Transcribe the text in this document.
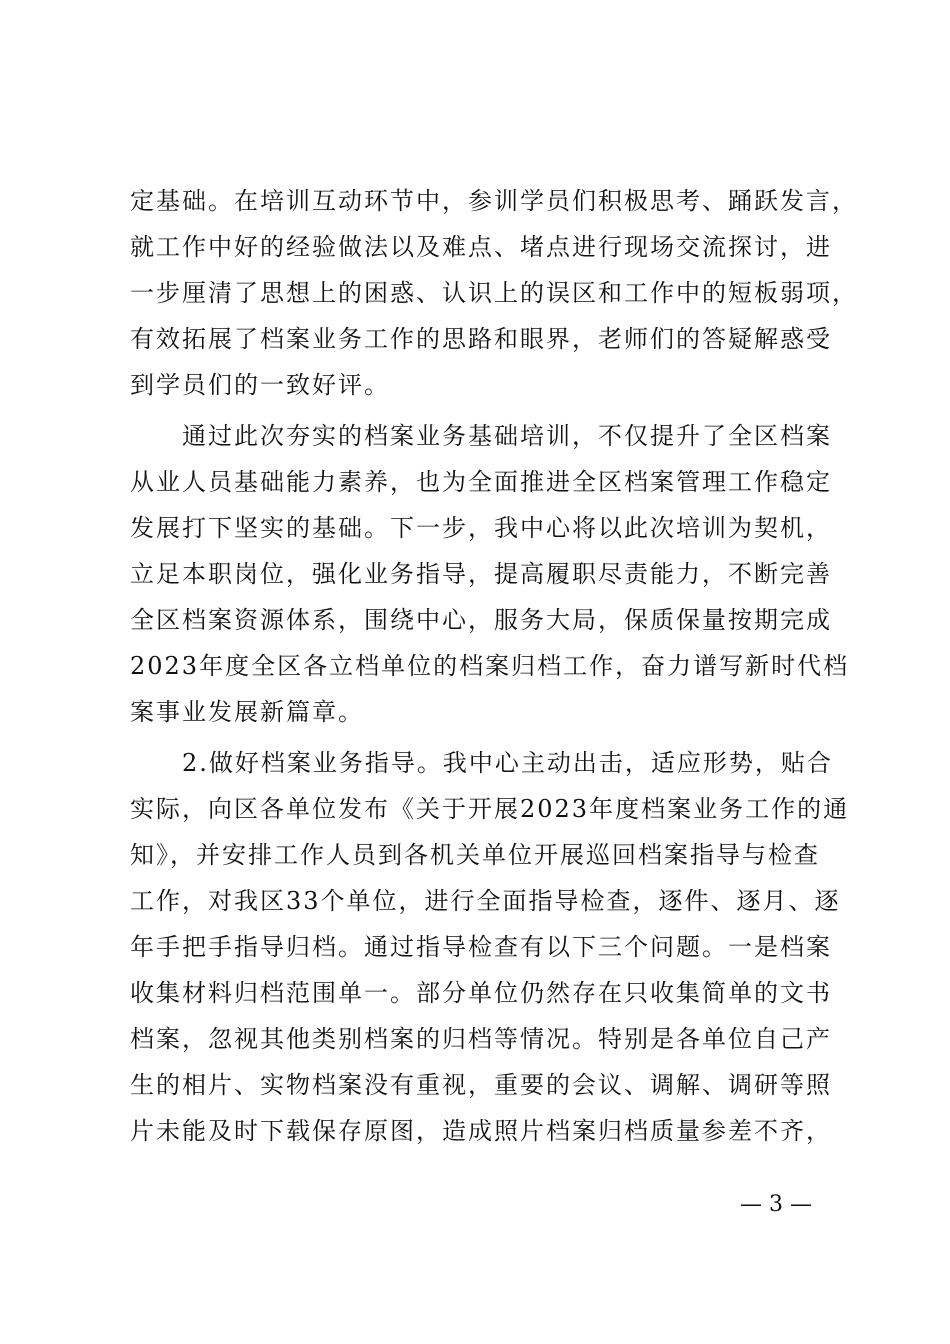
定基础。在培训互动环节中，参训学员们积极思考、踊跃发言，
就工作中好的经验做法以及难点、堵点进行现场交流探讨，进
一步厘清了思想上的困惑、认识上的误区和工作中的短板弱项，
有效拓展了档案业务工作的思路和眼界，老师们的答疑解惑受
到学员们的一致好评。
　　通过此次夯实的档案业务基础培训，不仅提升了全区档案
从业人员基础能力素养，也为全面推进全区档案管理工作稳定
发展打下坚实的基础。下一步，我中心将以此次培训为契机，
立足本职岗位，强化业务指导，提高履职尽责能力，不断完善
全区档案资源体系，围绕中心，服务大局，保质保量按期完成
2023年度全区各立档单位的档案归档工作，奋力谱写新时代档
案事业发展新篇章。
　　2.做好档案业务指导。我中心主动出击，适应形势，贴合
实际，向区各单位发布《关于开展2023年度档案业务工作的通
知》，并安排工作人员到各机关单位开展巡回档案指导与检查
工作，对我区33个单位，进行全面指导检查，逐件、逐月、逐
年手把手指导归档。通过指导检查有以下三个问题。一是档案
收集材料归档范围单一。部分单位仍然存在只收集简单的文书
档案，忽视其他类别档案的归档等情况。特别是各单位自己产
生的相片、实物档案没有重视，重要的会议、调解、调研等照
片未能及时下载保存原图，造成照片档案归档质量参差不齐，
— 3 —
